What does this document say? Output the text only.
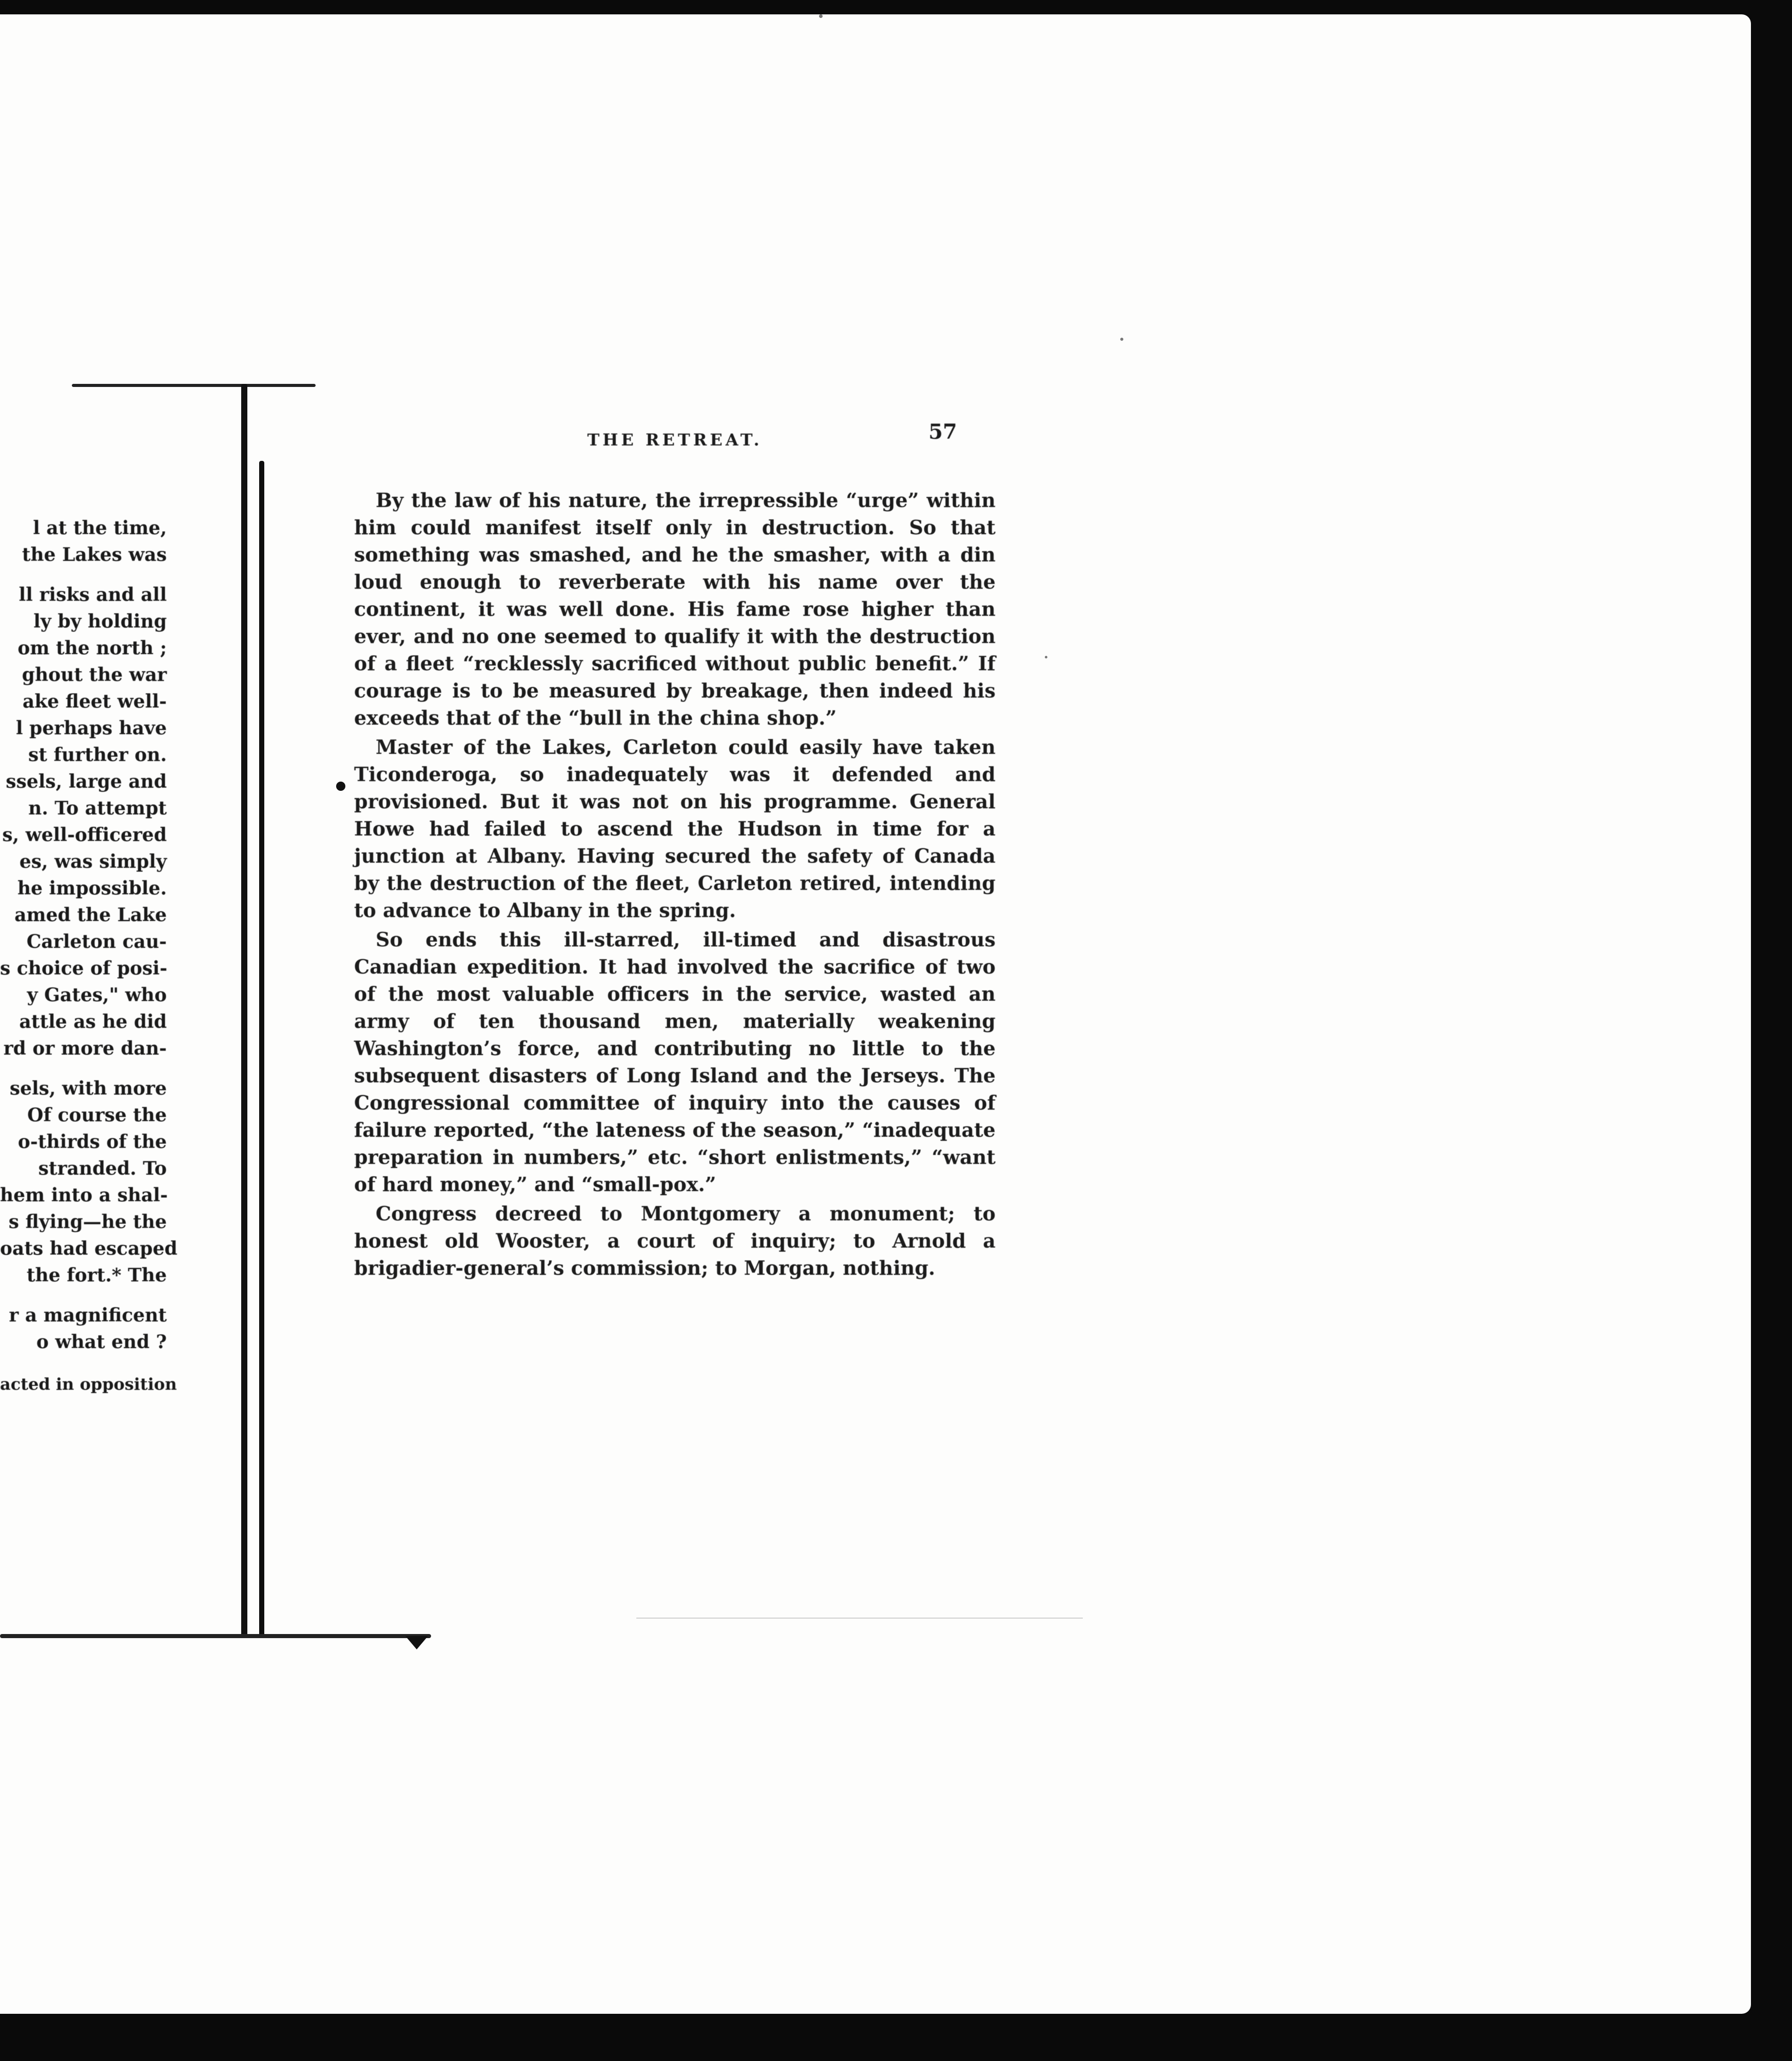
l at the time,
the Lakes was
ll risks and all
ly by holding
om the north ;
ghout the war
ake fleet well-
l perhaps have
st further on.
ssels, large and
n. To attempt
s, well-officered
es, was simply
he impossible.
amed the Lake
Carleton cau-
s choice of posi-
y Gates," who
attle as he did
rd or more dan-
sels, with more
Of course the
o-thirds of the
stranded. To
hem into a shal-
s flying—he the
oats had escaped
the fort.* The
r a magnificent
o what end ?
acted in opposition
THE RETREAT.	57

By the law of his nature, the irrepressible “urge” within him could manifest itself only in destruction. So that something was smashed, and he the smasher, with a din loud enough to reverberate with his name over the continent, it was well done. His fame rose higher than ever, and no one seemed to qualify it with the destruction of a fleet “recklessly sacrificed without public benefit.” If courage is to be measured by breakage, then indeed his exceeds that of the “bull in the china shop.”

Master of the Lakes, Carleton could easily have taken Ticonderoga, so inadequately was it defended and provisioned. But it was not on his programme. General Howe had failed to ascend the Hudson in time for a junction at Albany. Having secured the safety of Canada by the destruction of the fleet, Carleton retired, intending to advance to Albany in the spring.

So ends this ill-starred, ill-timed and disastrous Canadian expedition. It had involved the sacrifice of two of the most valuable officers in the service, wasted an army of ten thousand men, materially weakening Washington’s force, and contributing no little to the subsequent disasters of Long Island and the Jerseys. The Congressional committee of inquiry into the causes of failure reported, “the lateness of the season,” “inadequate preparation in numbers,” etc. “short enlistments,” “want of hard money,” and “small-pox.”

Congress decreed to Montgomery a monument; to honest old Wooster, a court of inquiry; to Arnold a brigadier-general’s commission; to Morgan, nothing.
